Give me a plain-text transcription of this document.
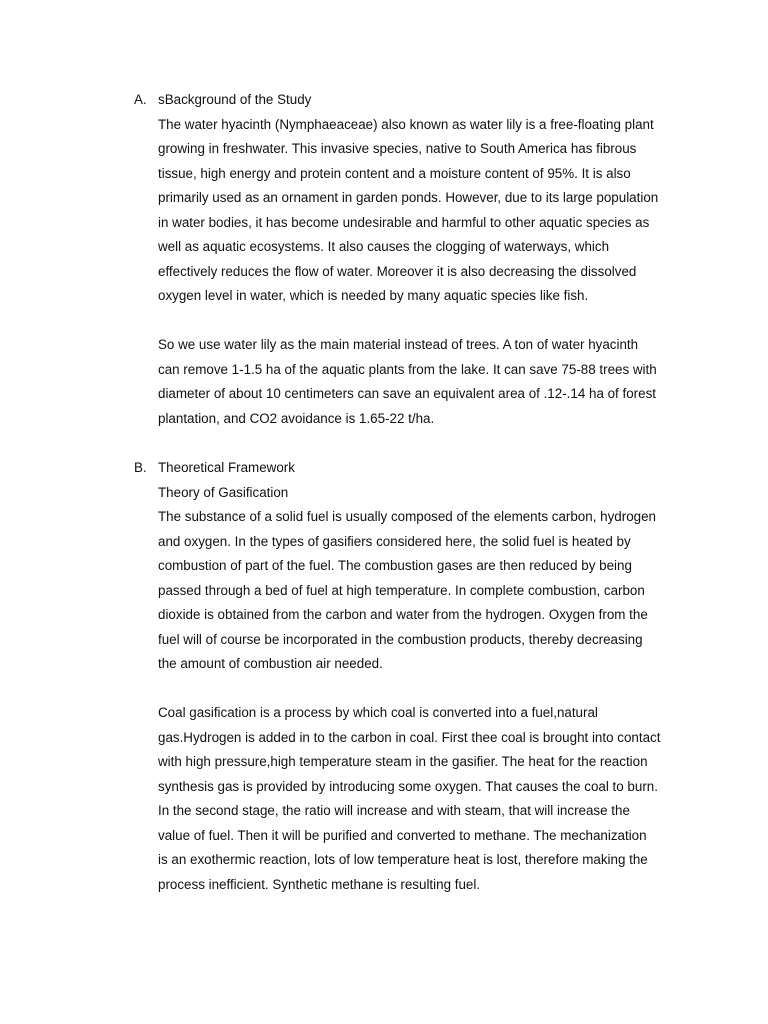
A. sBackground of the Study
The water hyacinth (Nymphaeaceae) also known as water lily is a free-floating plant
growing in freshwater. This invasive species, native to South America has fibrous
tissue, high energy and protein content and a moisture content of 95%. It is also
primarily used as an ornament in garden ponds. However, due to its large population
in water bodies, it has become undesirable and harmful to other aquatic species as
well as aquatic ecosystems. It also causes the clogging of waterways, which
effectively reduces the flow of water. Moreover it is also decreasing the dissolved
oxygen level in water, which is needed by many aquatic species like fish.
So we use water lily as the main material instead of trees. A ton of water hyacinth
can remove 1-1.5 ha of the aquatic plants from the lake. It can save 75-88 trees with
diameter of about 10 centimeters can save an equivalent area of .12-.14 ha of forest
plantation, and CO2 avoidance is 1.65-22 t/ha.
B. Theoretical Framework
Theory of Gasification
The substance of a solid fuel is usually composed of the elements carbon, hydrogen
and oxygen. In the types of gasifiers considered here, the solid fuel is heated by
combustion of part of the fuel. The combustion gases are then reduced by being
passed through a bed of fuel at high temperature. In complete combustion, carbon
dioxide is obtained from the carbon and water from the hydrogen. Oxygen from the
fuel will of course be incorporated in the combustion products, thereby decreasing
the amount of combustion air needed.
Coal gasification is a process by which coal is converted into a fuel,natural
gas.Hydrogen is added in to the carbon in coal. First thee coal is brought into contact
with high pressure,high temperature steam in the gasifier. The heat for the reaction
synthesis gas is provided by introducing some oxygen. That causes the coal to burn.
In the second stage, the ratio will increase and with steam, that will increase the
value of fuel. Then it will be purified and converted to methane. The mechanization
is an exothermic reaction, lots of low temperature heat is lost, therefore making the
process inefficient. Synthetic methane is resulting fuel.
